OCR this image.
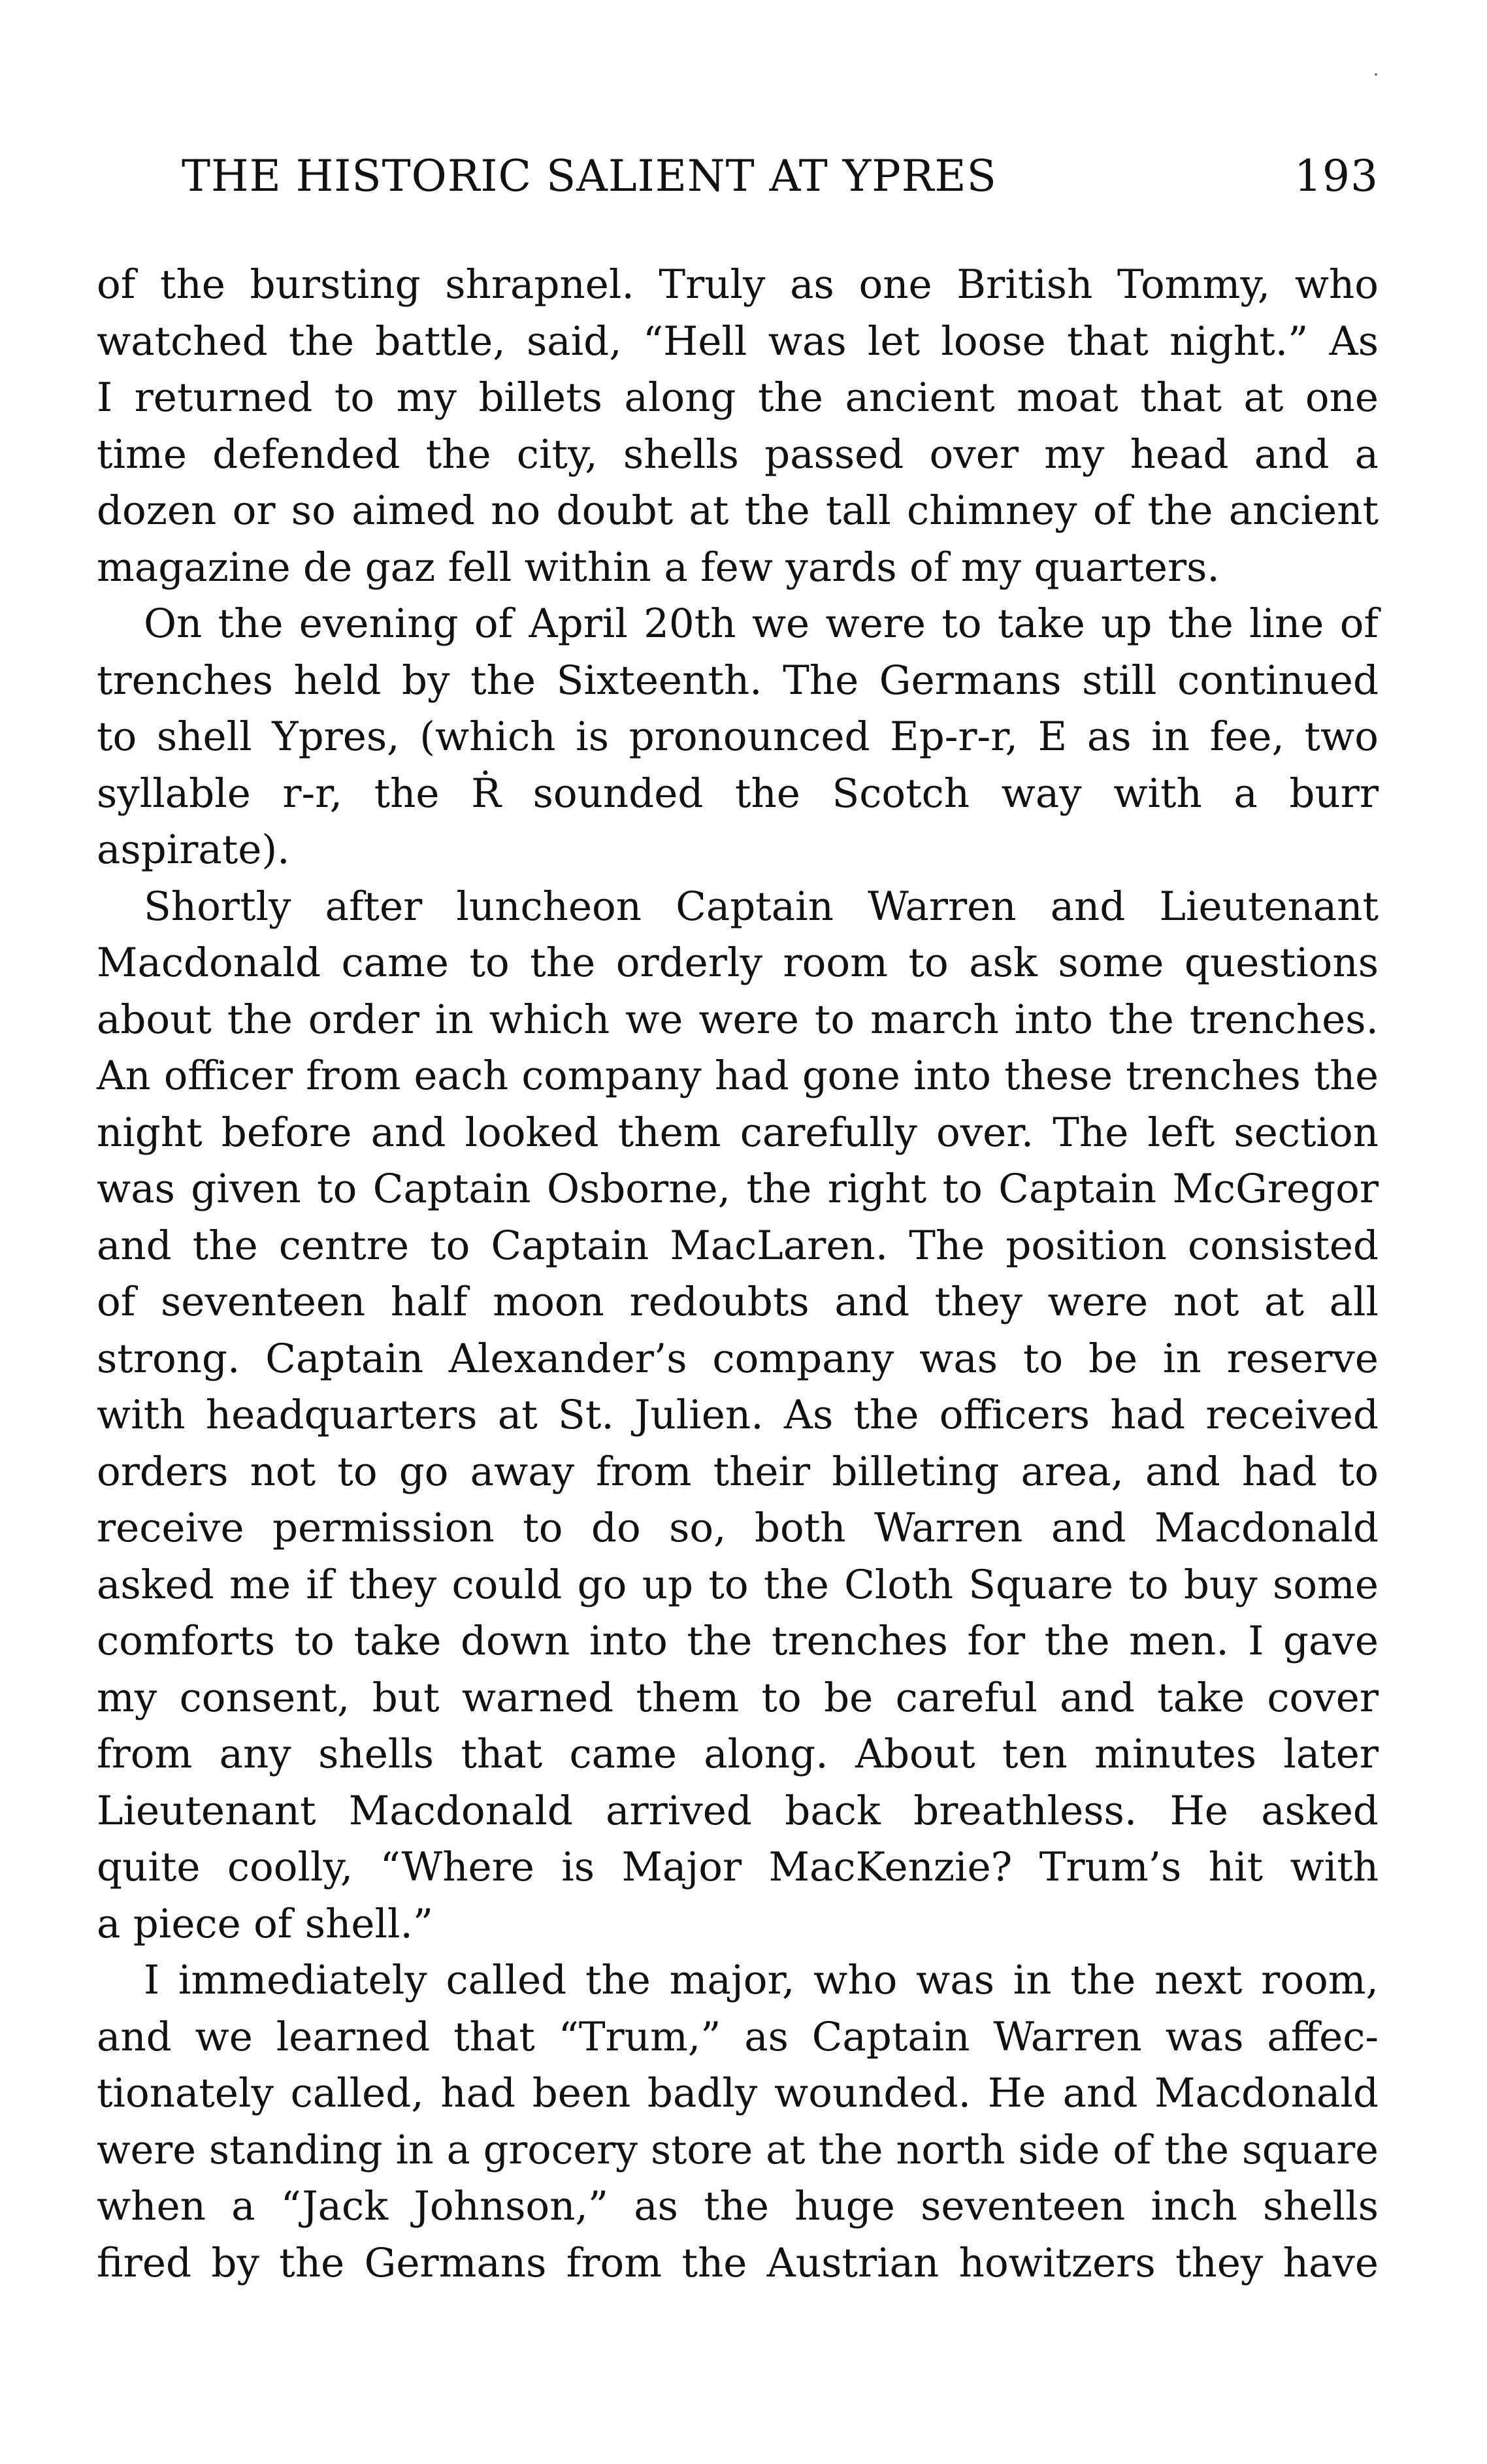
THE HISTORIC SALIENT AT YPRES	193
of the bursting shrapnel. Truly as one British Tommy, who
watched the battle, said, “Hell was let loose that night.” As
I returned to my billets along the ancient moat that at one
time defended the city, shells passed over my head and a
dozen or so aimed no doubt at the tall chimney of the ancient
magazine de gaz fell within a few yards of my quarters.
On the evening of April 20th we were to take up the line of
trenches held by the Sixteenth. The Germans still continued
to shell Ypres, (which is pronounced Ep-r-r, E as in fee, two
syllable r-r, the Ṙ sounded the Scotch way with a burr
aspirate).
Shortly after luncheon Captain Warren and Lieutenant
Macdonald came to the orderly room to ask some questions
about the order in which we were to march into the trenches.
An officer from each company had gone into these trenches the
night before and looked them carefully over. The left section
was given to Captain Osborne, the right to Captain McGregor
and the centre to Captain MacLaren. The position consisted
of seventeen half moon redoubts and they were not at all
strong. Captain Alexander’s company was to be in reserve
with headquarters at St. Julien. As the officers had received
orders not to go away from their billeting area, and had to
receive permission to do so, both Warren and Macdonald
asked me if they could go up to the Cloth Square to buy some
comforts to take down into the trenches for the men. I gave
my consent, but warned them to be careful and take cover
from any shells that came along. About ten minutes later
Lieutenant Macdonald arrived back breathless. He asked
quite coolly, “Where is Major MacKenzie? Trum’s hit with
a piece of shell.”
I immediately called the major, who was in the next room,
and we learned that “Trum,” as Captain Warren was affec-
tionately called, had been badly wounded. He and Macdonald
were standing in a grocery store at the north side of the square
when a “Jack Johnson,” as the huge seventeen inch shells
fired by the Germans from the Austrian howitzers they have
